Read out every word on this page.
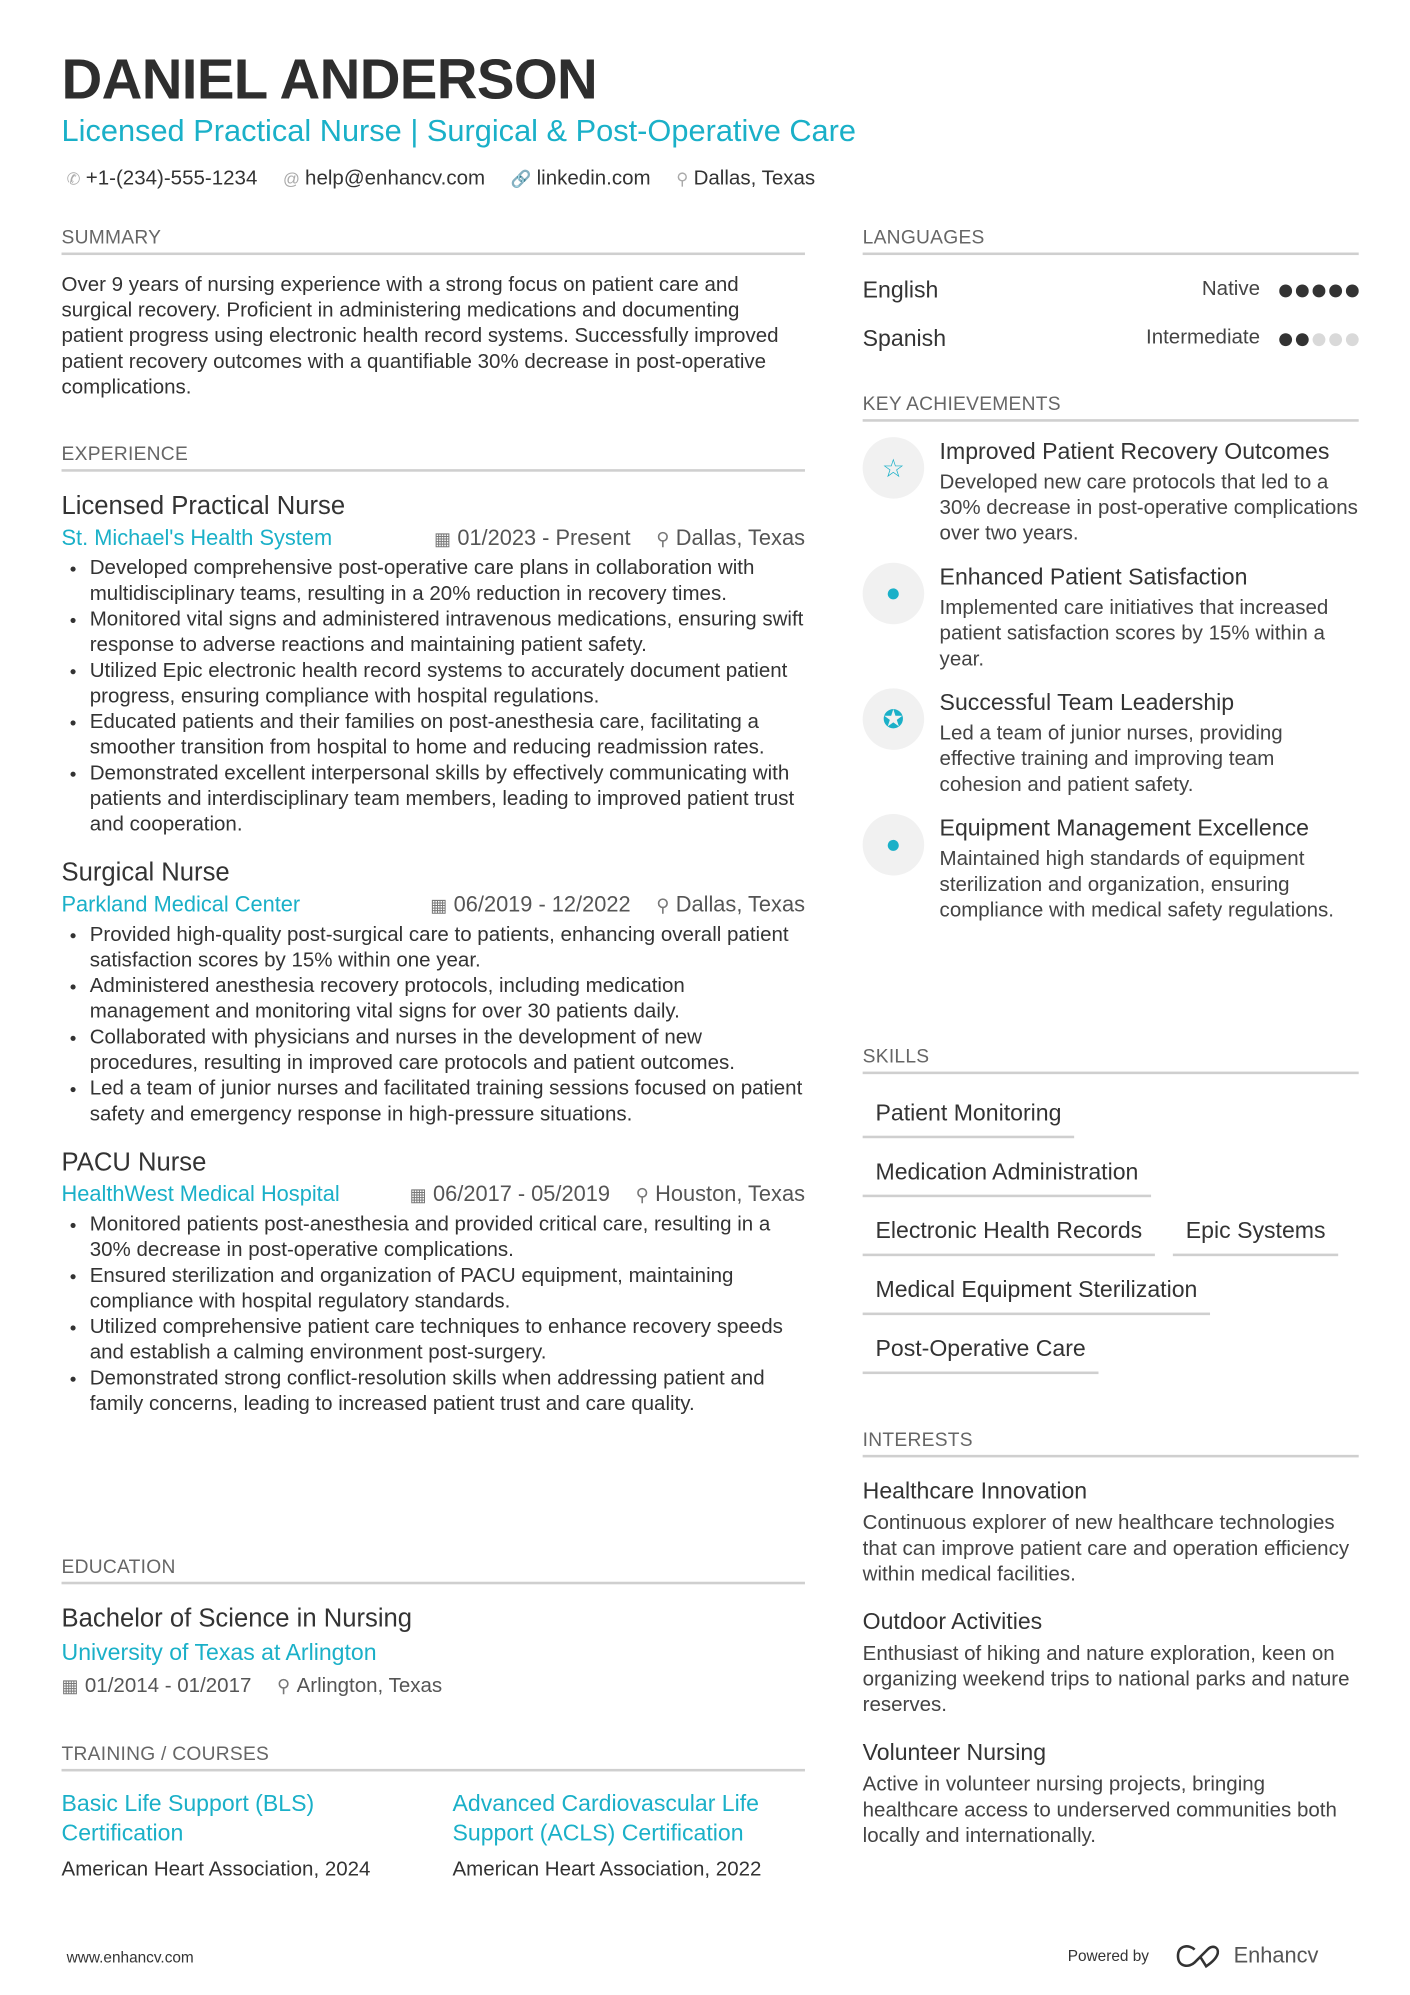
DANIEL ANDERSON
Licensed Practical Nurse | Surgical & Post-Operative Care
✆ +1-(234)-555-1234 @ help@enhancv.com 🔗 linkedin.com ⚲ Dallas, Texas
SUMMARY

Over 9 years of nursing experience with a strong focus on patient care and surgical recovery. Proficient in administering medications and documenting patient progress using electronic health record systems. Successfully improved patient recovery outcomes with a quantifiable 30% decrease in post-operative complications.

EXPERIENCE
Licensed Practical Nurse
St. Michael's Health System	▦ 01/2023 - Present ⚲ Dallas, Texas
• Developed comprehensive post-operative care plans in collaboration with multidisciplinary teams, resulting in a 20% reduction in recovery times.
• Monitored vital signs and administered intravenous medications, ensuring swift response to adverse reactions and maintaining patient safety.
• Utilized Epic electronic health record systems to accurately document patient progress, ensuring compliance with hospital regulations.
• Educated patients and their families on post-anesthesia care, facilitating a smoother transition from hospital to home and reducing readmission rates.
• Demonstrated excellent interpersonal skills by effectively communicating with patients and interdisciplinary team members, leading to improved patient trust and cooperation.
Surgical Nurse
Parkland Medical Center	▦ 06/2019 - 12/2022 ⚲ Dallas, Texas
• Provided high-quality post-surgical care to patients, enhancing overall patient satisfaction scores by 15% within one year.
• Administered anesthesia recovery protocols, including medication management and monitoring vital signs for over 30 patients daily.
• Collaborated with physicians and nurses in the development of new procedures, resulting in improved care protocols and patient outcomes.
• Led a team of junior nurses and facilitated training sessions focused on patient safety and emergency response in high-pressure situations.
PACU Nurse
HealthWest Medical Hospital	▦ 06/2017 - 05/2019 ⚲ Houston, Texas
• Monitored patients post-anesthesia and provided critical care, resulting in a 30% decrease in post-operative complications.
• Ensured sterilization and organization of PACU equipment, maintaining compliance with hospital regulatory standards.
• Utilized comprehensive patient care techniques to enhance recovery speeds and establish a calming environment post-surgery.
• Demonstrated strong conflict-resolution skills when addressing patient and family concerns, leading to increased patient trust and care quality.
EDUCATION
Bachelor of Science in Nursing
University of Texas at Arlington
▦ 01/2014 - 01/2017 ⚲ Arlington, Texas
TRAINING / COURSES
Basic Life Support (BLS) Certification
American Heart Association, 2024
Advanced Cardiovascular Life Support (ACLS) Certification
American Heart Association, 2022
LANGUAGES
English	Native
Spanish	Intermediate
KEY ACHIEVEMENTS
☆
Improved Patient Recovery Outcomes
Developed new care protocols that led to a 30% decrease in post-operative complications over two years.
●
Enhanced Patient Satisfaction
Implemented care initiatives that increased patient satisfaction scores by 15% within a year.
✪
Successful Team Leadership
Led a team of junior nurses, providing effective training and improving team cohesion and patient safety.
●
Equipment Management Excellence
Maintained high standards of equipment sterilization and organization, ensuring compliance with medical safety regulations.
SKILLS
Patient Monitoring
Medication Administration
Electronic Health Records	Epic Systems
Medical Equipment Sterilization
Post-Operative Care
INTERESTS
Healthcare Innovation
Continuous explorer of new healthcare technologies that can improve patient care and operation efficiency within medical facilities.
Outdoor Activities
Enthusiast of hiking and nature exploration, keen on organizing weekend trips to national parks and nature reserves.
Volunteer Nursing
Active in volunteer nursing projects, bringing healthcare access to underserved communities both locally and internationally.
www.enhancv.com	Powered by	Enhancv
